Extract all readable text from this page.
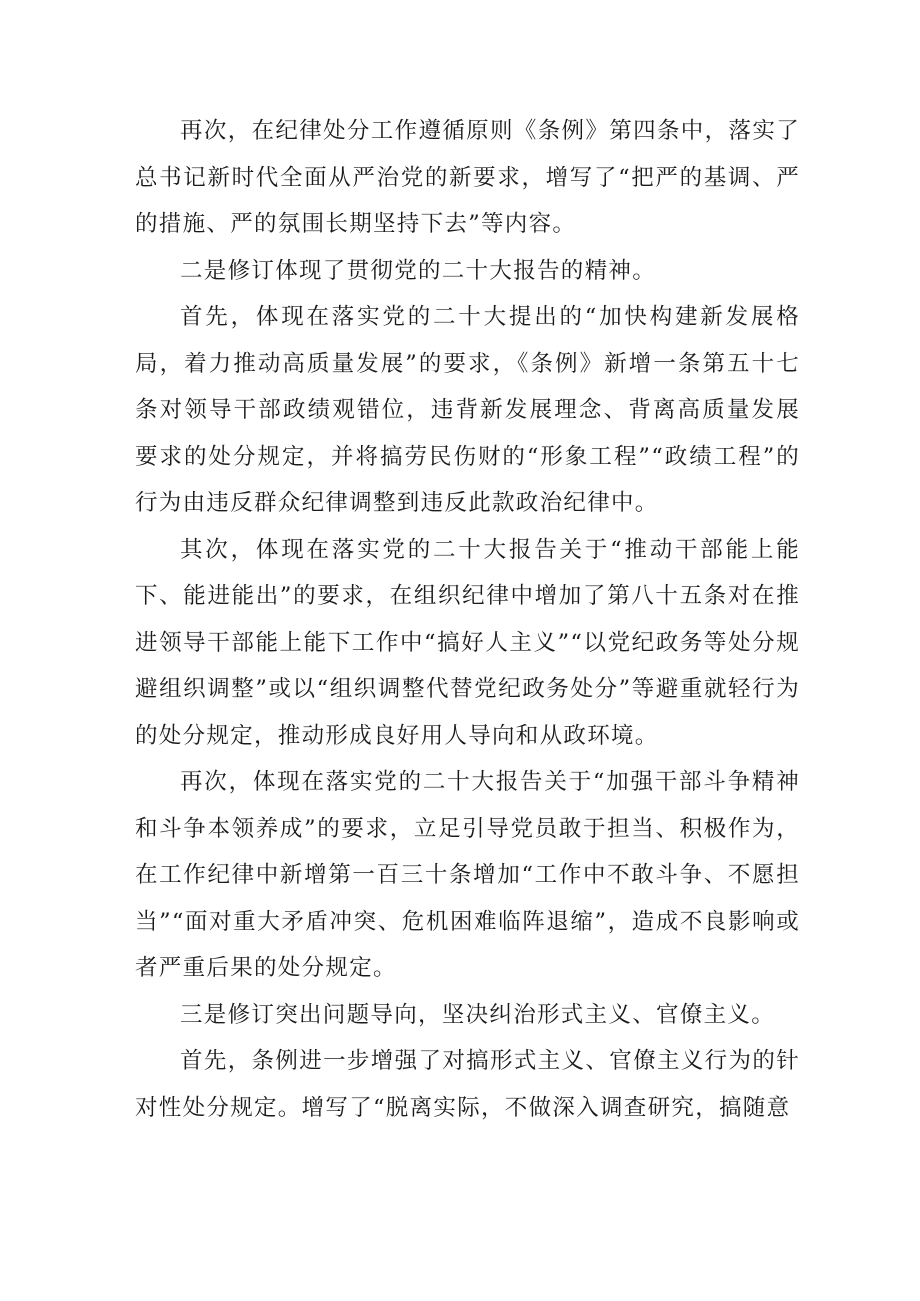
再次，在纪律处分工作遵循原则《条例》第四条中，落实了总书记新时代全面从严治党的新要求，增写了“把严的基调、严的措施、严的氛围长期坚持下去”等内容。

二是修订体现了贯彻党的二十大报告的精神。

首先，体现在落实党的二十大提出的“加快构建新发展格局，着力推动高质量发展”的要求，《条例》新增一条第五十七条对领导干部政绩观错位，违背新发展理念、背离高质量发展要求的处分规定，并将搞劳民伤财的“形象工程”“政绩工程”的行为由违反群众纪律调整到违反此款政治纪律中。

其次，体现在落实党的二十大报告关于“推动干部能上能下、能进能出”的要求，在组织纪律中增加了第八十五条对在推进领导干部能上能下工作中“搞好人主义”“以党纪政务等处分规避组织调整”或以“组织调整代替党纪政务处分”等避重就轻行为的处分规定，推动形成良好用人导向和从政环境。

再次，体现在落实党的二十大报告关于“加强干部斗争精神和斗争本领养成”的要求，立足引导党员敢于担当、积极作为，在工作纪律中新增第一百三十条增加“工作中不敢斗争、不愿担当”“面对重大矛盾冲突、危机困难临阵退缩”，造成不良影响或者严重后果的处分规定。

三是修订突出问题导向，坚决纠治形式主义、官僚主义。

首先，条例进一步增强了对搞形式主义、官僚主义行为的针对性处分规定。增写了“脱离实际，不做深入调查研究，搞随意
